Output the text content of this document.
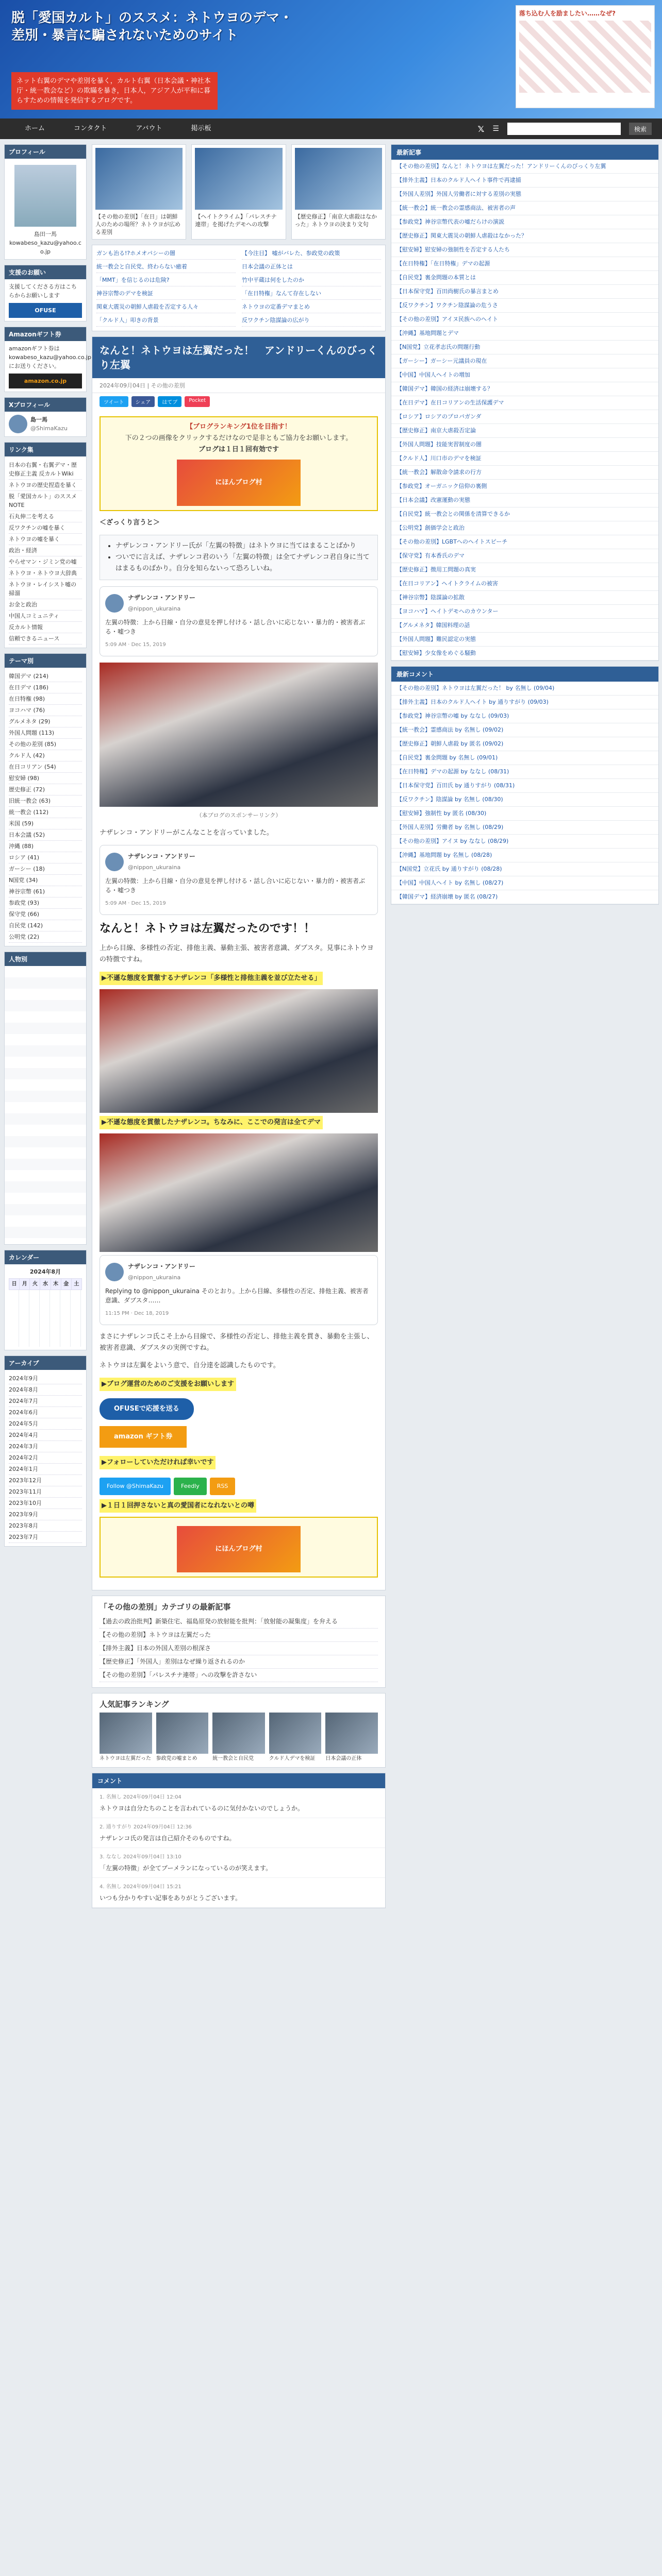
脱「愛国カルト」のススメ：ネトウヨのデマ・差別・暴言に騙されないためのサイト
ネット右翼のデマや差別を暴く，カルト右翼（日本会議・神社本庁・統一教会など）の欺瞞を暴き，日本人，アジア人が平和に暮らすための情報を発信するブログです。
落ち込む人を励ましたい……なぜ?
ホーム	コンタクト	アバウト	掲示板	𝕏 ☰	検索
プロフィール
島田一馬
kowabeso_kazu@yahoo.co.jp
支援のお願い
支援してくださる方はこちらからお願いします
OFUSE
Amazonギフト券
amazonギフト券はkowabeso_kazu@yahoo.co.jpにお送りください。
amazon.co.jp
Xプロフィール
島一馬
@ShimaKazu
リンク集
日本の右翼・右翼デマ・歴史修正主義 反カルトWiki
ネトウヨの歴史捏造を暴く
脱「愛国カルト」のススメ NOTE
石丸伸二を考える
反ワクチンの嘘を暴く
ネトウヨの嘘を暴く
政治・経済
やらせマン・ジミン党の嘘
ネトウヨ・ネトウヨ大辞典
ネトウヨ・レイシスト嘘の掃溜
お金と政治
中国人コミュニティ
反カルト情報
信頼できるニュース
テーマ別
韓国デマ (214)
在日デマ (186)
在日特権 (98)
ヨコハマ (76)
グルメネタ (29)
外国人問題 (113)
その他の差別 (85)
クルド人 (42)
在日コリアン (54)
慰安婦 (98)
歴史修正 (72)
旧統一教会 (63)
統一教会 (112)
米国 (59)
日本会議 (52)
沖縄 (88)
ロシア (41)
ガーシー (18)
N国党 (34)
神谷宗幣 (61)
参政党 (93)
保守党 (66)
自民党 (142)
公明党 (22)
人物別
カレンダー
2024年8月
日	月	火	水	木	金	土
アーカイブ
2024年9月
2024年8月
2024年7月
2024年6月
2024年5月
2024年4月
2024年3月
2024年2月
2024年1月
2023年12月
2023年11月
2023年10月
2023年9月
2023年8月
2023年7月
【その他の差別】「在日」は朝鮮人のための場所？ネトウヨが広める差別
【ヘイトクライム】「パレスチナ連帯」を掲げたデモへの攻撃
【歴史修正】「南京大虐殺はなかった」ネトウヨの決まり文句
ガンも治る!?ホメオパシーの闇	【今注目】 嘘がバレた、参政党の政策
統一教会と自民党、終わらない癒着	日本会議の正体とは
「MMT」を信じるのは危険?	竹中平蔵は何をしたのか
神谷宗幣のデマを検証	「在日特権」なんて存在しない
関東大震災の朝鮮人虐殺を否定する人々	ネトウヨの定番デマまとめ
「クルド人」叩きの背景	反ワクチン陰謀論の広がり
なんと！ネトウヨは左翼だった！　アンドリーくんのびっくり左翼
2024年09月04日 | その他の差別
ツイート	シェア	はてブ	Pocket
【ブログランキング1位を目指す！
下の２つの画像をクリックするだけなので是非ともご協力をお願いします。
ブログは１日１回有効です
にほんブログ村

＜ざっくり言うと＞

• ナザレンコ・アンドリー氏が「左翼の特徴」はネトウヨに当てはまることばかり
• ついでに言えば、ナザレンコ君のいう「左翼の特徴」は全てナザレンコ君自身に当てはまるものばかり。自分を知らないって恐ろしいね。
ナザレンコ・アンドリー
@nippon_ukuraina
左翼の特徴：上から目線・自分の意見を押し付ける・話し合いに応じない・暴力的・被害者ぶる・嘘つき
5:09 AM · Dec 15, 2019
（本ブログのスポンサーリンク）

ナザレンコ・アンドリーがこんなことを言っていました。

ナザレンコ・アンドリー
@nippon_ukuraina
左翼の特徴：上から目線・自分の意見を押し付ける・話し合いに応じない・暴力的・被害者ぶる・嘘つき
5:09 AM · Dec 15, 2019
なんと！ネトウヨは左翼だったのです！！

上から目線、多様性の否定、排他主義、暴動主張、被害者意識、ダブスタ。見事にネトウヨの特徴ですね。

▶不遜な態度を貫徹するナザレンコ「多様性と排他主義を並び立たせる」
▶不遜な態度を貫徹したナザレンコ。ちなみに、ここでの発言は全てデマ
ナザレンコ・アンドリー
@nippon_ukuraina
Replying to @nippon_ukuraina そのとおり。上から目線、多様性の否定、排他主義、被害者意識、ダブスタ……
11:15 PM · Dec 18, 2019

まさにナザレンコ氏こそ上から目線で、多様性の否定し、排他主義を貫き、暴動を主張し、被害者意識、ダブスタの実例ですね。

ネトウヨは左翼をよいう意で、自分達を認識したものです。

▶ブログ運営のためのご支援をお願いします
OFUSEで応援を送る
amazon ギフト券
▶フォローしていただければ幸いです
Follow @ShimaKazu	Feedly	RSS
▶１日１回押さないと真の愛国者になれないとの噂
にほんブログ村
「その他の差別」カテゴリの最新記事
【過去の政治批判】新築住宅、福島原発の放射能を批判：「放射能の凝集度」を弁える
【その他の差別】ネトウヨは左翼だった
【排外主義】日本の外国人差別の根深さ
【歴史修正】「外国人」差別はなぜ繰り返されるのか
【その他の差別】「パレスチナ連帯」への攻撃を許さない
人気記事ランキング
ネトウヨは左翼だった 参政党の嘘まとめ	統一教会と自民党	クルド人デマを検証	日本会議の正体
コメント
1. 名無し 2024年09月04日 12:04
ネトウヨは自分たちのことを言われているのに気付かないのでしょうか。
2. 通りすがり 2024年09月04日 12:36
ナザレンコ氏の発言は自己紹介そのものですね。
3. ななし 2024年09月04日 13:10
「左翼の特徴」が全てブーメランになっているのが笑えます。
4. 名無し 2024年09月04日 15:21
いつも分かりやすい記事をありがとうございます。
最新記事
【その他の差別】なんと！ネトウヨは左翼だった！アンドリーくんのびっくり左翼
【排外主義】日本のクルド人ヘイト事件で再逮捕
【外国人差別】外国人労働者に対する差別の実態
【統一教会】統一教会の霊感商法、被害者の声
【参政党】神谷宗幣代表の嘘だらけの演説
【歴史修正】関東大震災の朝鮮人虐殺はなかった？
【慰安婦】慰安婦の強制性を否定する人たち
【在日特権】「在日特権」デマの起源
【自民党】裏金問題の本質とは
【日本保守党】百田尚樹氏の暴言まとめ
【反ワクチン】ワクチン陰謀論の危うさ
【その他の差別】アイヌ民族へのヘイト
【沖縄】基地問題とデマ
【N国党】立花孝志氏の問題行動
【ガーシー】ガーシー元議員の現在
【中国】中国人ヘイトの増加
【韓国デマ】韓国の経済は崩壊する？
【在日デマ】在日コリアンの生活保護デマ
【ロシア】ロシアのプロパガンダ
【歴史修正】南京大虐殺否定論
【外国人問題】技能実習制度の闇
【クルド人】川口市のデマを検証
【統一教会】解散命令請求の行方
【参政党】オーガニック信仰の裏側
【日本会議】改憲運動の実態
【自民党】統一教会との関係を清算できるか
【公明党】創価学会と政治
【その他の差別】LGBTへのヘイトスピーチ
【保守党】有本香氏のデマ
【歴史修正】徴用工問題の真実
【在日コリアン】ヘイトクライムの被害
【神谷宗幣】陰謀論の拡散
【ヨコハマ】ヘイトデモへのカウンター
【グルメネタ】韓国料理の話
【外国人問題】難民認定の実態
【慰安婦】少女像をめぐる騒動
最新コメント
【その他の差別】ネトウヨは左翼だった！ by 名無し (09/04)
【排外主義】日本のクルド人ヘイト by 通りすがり (09/03)
【参政党】神谷宗幣の嘘 by ななし (09/03)
【統一教会】霊感商法 by 名無し (09/02)
【歴史修正】朝鮮人虐殺 by 匿名 (09/02)
【自民党】裏金問題 by 名無し (09/01)
【在日特権】デマの起源 by ななし (08/31)
【日本保守党】百田氏 by 通りすがり (08/31)
【反ワクチン】陰謀論 by 名無し (08/30)
【慰安婦】強制性 by 匿名 (08/30)
【外国人差別】労働者 by 名無し (08/29)
【その他の差別】アイヌ by ななし (08/29)
【沖縄】基地問題 by 名無し (08/28)
【N国党】立花氏 by 通りすがり (08/28)
【中国】中国人ヘイト by 名無し (08/27)
【韓国デマ】経済崩壊 by 匿名 (08/27)
